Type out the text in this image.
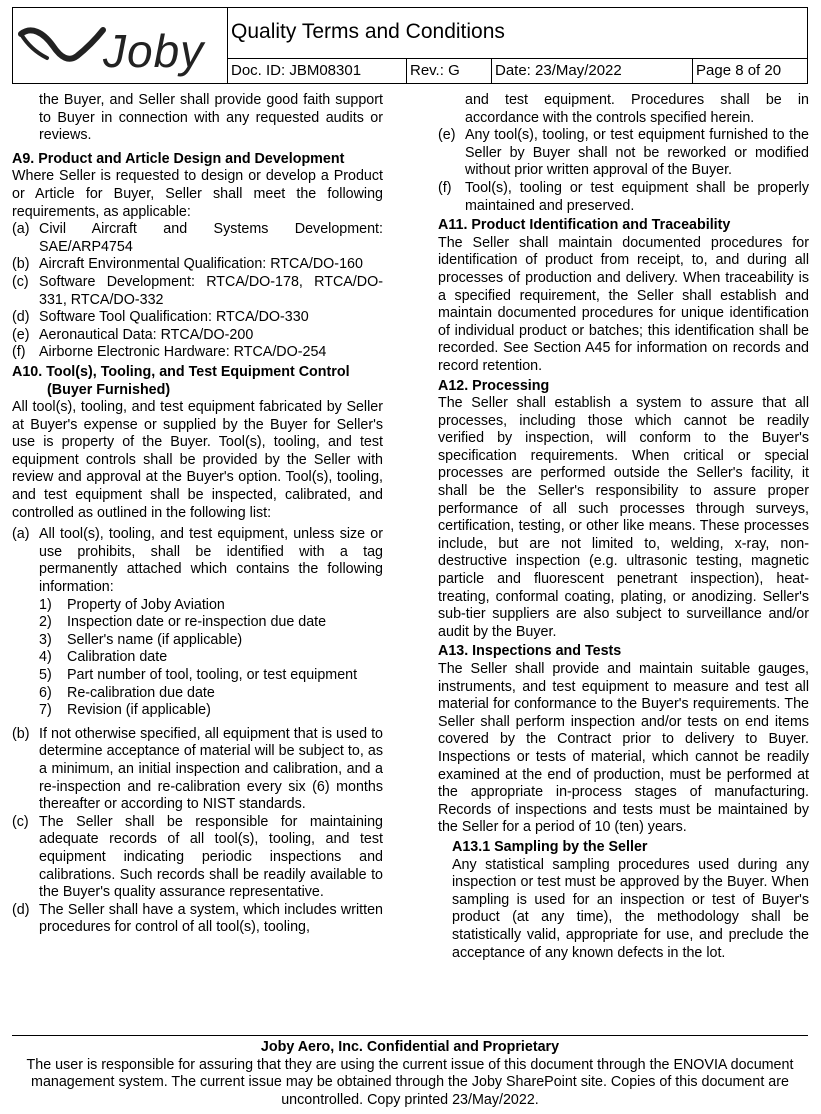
Joby Quality Terms and Conditions
Doc. ID: JBM08301	Rev.: G	Date: 23/May/2022	Page 8 of 20

the Buyer, and Seller shall provide good faith support to Buyer in connection with any requested audits or reviews.

A9. Product and Article Design and Development

Where Seller is requested to design or develop a Product or Article for Buyer, Seller shall meet the following requirements, as applicable:

(a) Civil Aircraft and Systems Development: SAE/ARP4754
(b) Aircraft Environmental Qualification: RTCA/DO-160
(c) Software Development: RTCA/DO-178, RTCA/DO-331, RTCA/DO-332
(d) Software Tool Qualification: RTCA/DO-330
(e) Aeronautical Data: RTCA/DO-200
(f) Airborne Electronic Hardware: RTCA/DO-254

A10. Tool(s), Tooling, and Test Equipment Control

(Buyer Furnished)

All tool(s), tooling, and test equipment fabricated by Seller at Buyer's expense or supplied by the Buyer for Seller's use is property of the Buyer. Tool(s), tooling, and test equipment controls shall be provided by the Seller with review and approval at the Buyer's option. Tool(s), tooling, and test equipment shall be inspected, calibrated, and controlled as outlined in the following list:

(a) All tool(s), tooling, and test equipment, unless size or use prohibits, shall be identified with a tag permanently attached which contains the following information:
1)	Property of Joby Aviation
2)	Inspection date or re-inspection due date
3)	Seller's name (if applicable)
4)	Calibration date
5)	Part number of tool, tooling, or test equipment
6)	Re-calibration due date
7)	Revision (if applicable)
(b) If not otherwise specified, all equipment that is used to determine acceptance of material will be subject to, as a minimum, an initial inspection and calibration, and a re-inspection and re-calibration every six (6) months thereafter or according to NIST standards.
(c) The Seller shall be responsible for maintaining adequate records of all tool(s), tooling, and test equipment indicating periodic inspections and calibrations. Such records shall be readily available to the Buyer's quality assurance representative.
(d) The Seller shall have a system, which includes written procedures for control of all tool(s), tooling,

and test equipment. Procedures shall be in accordance with the controls specified herein.

(e) Any tool(s), tooling, or test equipment furnished to the Seller by Buyer shall not be reworked or modified without prior written approval of the Buyer.
(f) Tool(s), tooling or test equipment shall be properly maintained and preserved.

A11. Product Identification and Traceability

The Seller shall maintain documented procedures for identification of product from receipt, to, and during all processes of production and delivery. When traceability is a specified requirement, the Seller shall establish and maintain documented procedures for unique identification of individual product or batches; this identification shall be recorded. See Section A45 for information on records and record retention.

A12. Processing

The Seller shall establish a system to assure that all processes, including those which cannot be readily verified by inspection, will conform to the Buyer's specification requirements. When critical or special processes are performed outside the Seller's facility, it shall be the Seller's responsibility to assure proper performance of all such processes through surveys, certification, testing, or other like means. These processes include, but are not limited to, welding, x-ray, non-destructive inspection (e.g. ultrasonic testing, magnetic particle and fluorescent penetrant inspection), heat-treating, conformal coating, plating, or anodizing. Seller's sub-tier suppliers are also subject to surveillance and/or audit by the Buyer.

A13. Inspections and Tests

The Seller shall provide and maintain suitable gauges, instruments, and test equipment to measure and test all material for conformance to the Buyer's requirements. The Seller shall perform inspection and/or tests on end items covered by the Contract prior to delivery to Buyer. Inspections or tests of material, which cannot be readily examined at the end of production, must be performed at the appropriate in-process stages of manufacturing. Records of inspections and tests must be maintained by the Seller for a period of 10 (ten) years.

A13.1 Sampling by the Seller

Any statistical sampling procedures used during any inspection or test must be approved by the Buyer. When sampling is used for an inspection or test of Buyer's product (at any time), the methodology shall be statistically valid, appropriate for use, and preclude the acceptance of any known defects in the lot.

Joby Aero, Inc. Confidential and Proprietary
The user is responsible for assuring that they are using the current issue of this document through the ENOVIA document management system. The current issue may be obtained through the Joby SharePoint site. Copies of this document are uncontrolled. Copy printed 23/May/2022.
